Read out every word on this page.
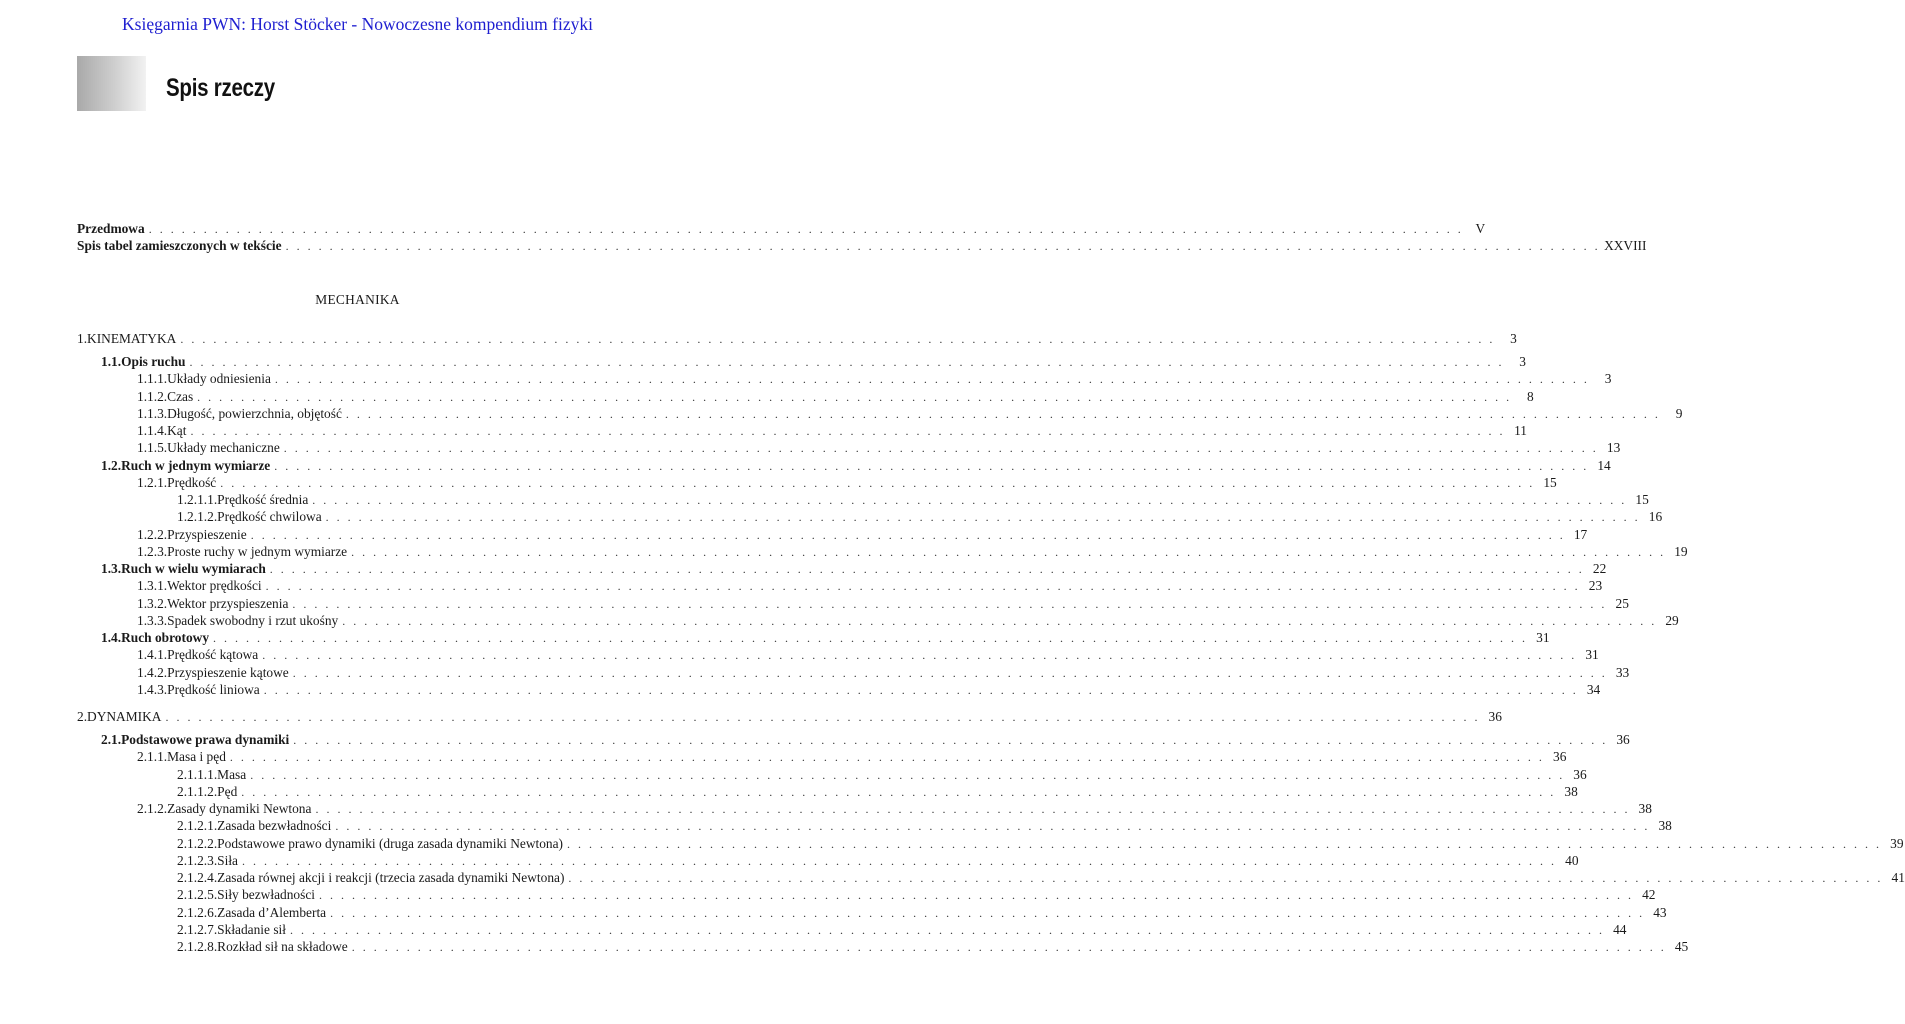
Księgarnia PWN: Horst Stöcker - Nowoczesne kompendium fizyki
Spis rzeczy
MECHANIKA
Przedmowa . . . . . . . . . . . . . . . . . . . . . . . . . . . . . . . . . . . . . . . . . . . . . . . . . . . . . . . . . . . . . . . . . . . . . . . . . . . . . . . . . . . . . . . . . . . . . . . . . . . . . . . . . . . . . . . . . . . . . . . . V
Spis tabel zamieszczonych w tekście . . . . . . . . . . . . . . . . . . . . . . . . . . . . . . . . . . . . . . . . . . . . . . . . . . . . . . . . . . . . . . . . . . . . . . . . . . . . . . . . . . . . . . . . . . . . . . . . . . . . . . . . . . . . . . . . . . . . . . . . XXVIII
1. KINEMATYKA . . . . . . . . . . . . . . . . . . . . . . . . . . . . . . . . . . . . . . . . . . . . . . . . . . . . . . . . . . . . . . . . . . . . . . . . . . . . . . . . . . . . . . . . . . . . . . . . . . . . . . . . . . . . . . . . . . . . . . . .	3
1.1. Opis ruchu . . . . . . . . . . . . . . . . . . . . . . . . . . . . . . . . . . . . . . . . . . . . . . . . . . . . . . . . . . . . . . . . . . . . . . . . . . . . . . . . . . . . . . . . . . . . . . . . . . . . . . . . . . . . . . . . . . . . . . . .	3
1.1.1. Układy odniesienia . . . . . . . . . . . . . . . . . . . . . . . . . . . . . . . . . . . . . . . . . . . . . . . . . . . . . . . . . . . . . . . . . . . . . . . . . . . . . . . . . . . . . . . . . . . . . . . . . . . . . . . . . . . . . . . . . . . . . . . .	3
1.1.2. Czas . . . . . . . . . . . . . . . . . . . . . . . . . . . . . . . . . . . . . . . . . . . . . . . . . . . . . . . . . . . . . . . . . . . . . . . . . . . . . . . . . . . . . . . . . . . . . . . . . . . . . . . . . . . . . . . . . . . . . . . .	8
1.1.3. Długość, powierzchnia, objętość . . . . . . . . . . . . . . . . . . . . . . . . . . . . . . . . . . . . . . . . . . . . . . . . . . . . . . . . . . . . . . . . . . . . . . . . . . . . . . . . . . . . . . . . . . . . . . . . . . . . . . . . . . . . . . . . . . . . . . . .	9
1.1.4. Kąt . . . . . . . . . . . . . . . . . . . . . . . . . . . . . . . . . . . . . . . . . . . . . . . . . . . . . . . . . . . . . . . . . . . . . . . . . . . . . . . . . . . . . . . . . . . . . . . . . . . . . . . . . . . . . . . . . . . . . . . . 11
1.1.5. Układy mechaniczne . . . . . . . . . . . . . . . . . . . . . . . . . . . . . . . . . . . . . . . . . . . . . . . . . . . . . . . . . . . . . . . . . . . . . . . . . . . . . . . . . . . . . . . . . . . . . . . . . . . . . . . . . . . . . . . . . . . . . . . . 13
1.2. Ruch w jednym wymiarze . . . . . . . . . . . . . . . . . . . . . . . . . . . . . . . . . . . . . . . . . . . . . . . . . . . . . . . . . . . . . . . . . . . . . . . . . . . . . . . . . . . . . . . . . . . . . . . . . . . . . . . . . . . . . . . . . . . . . . . . 14
1.2.1. Prędkość . . . . . . . . . . . . . . . . . . . . . . . . . . . . . . . . . . . . . . . . . . . . . . . . . . . . . . . . . . . . . . . . . . . . . . . . . . . . . . . . . . . . . . . . . . . . . . . . . . . . . . . . . . . . . . . . . . . . . . . . 15
1.2.1.1. Prędkość średnia . . . . . . . . . . . . . . . . . . . . . . . . . . . . . . . . . . . . . . . . . . . . . . . . . . . . . . . . . . . . . . . . . . . . . . . . . . . . . . . . . . . . . . . . . . . . . . . . . . . . . . . . . . . . . . . . . . . . . . . . 15
1.2.1.2. Prędkość chwilowa . . . . . . . . . . . . . . . . . . . . . . . . . . . . . . . . . . . . . . . . . . . . . . . . . . . . . . . . . . . . . . . . . . . . . . . . . . . . . . . . . . . . . . . . . . . . . . . . . . . . . . . . . . . . . . . . . . . . . . . . 16
1.2.2. Przyspieszenie . . . . . . . . . . . . . . . . . . . . . . . . . . . . . . . . . . . . . . . . . . . . . . . . . . . . . . . . . . . . . . . . . . . . . . . . . . . . . . . . . . . . . . . . . . . . . . . . . . . . . . . . . . . . . . . . . . . . . . . . 17
1.2.3. Proste ruchy w jednym wymiarze . . . . . . . . . . . . . . . . . . . . . . . . . . . . . . . . . . . . . . . . . . . . . . . . . . . . . . . . . . . . . . . . . . . . . . . . . . . . . . . . . . . . . . . . . . . . . . . . . . . . . . . . . . . . . . . . . . . . . . . . 19
1.3. Ruch w wielu wymiarach . . . . . . . . . . . . . . . . . . . . . . . . . . . . . . . . . . . . . . . . . . . . . . . . . . . . . . . . . . . . . . . . . . . . . . . . . . . . . . . . . . . . . . . . . . . . . . . . . . . . . . . . . . . . . . . . . . . . . . . . 22
1.3.1. Wektor prędkości . . . . . . . . . . . . . . . . . . . . . . . . . . . . . . . . . . . . . . . . . . . . . . . . . . . . . . . . . . . . . . . . . . . . . . . . . . . . . . . . . . . . . . . . . . . . . . . . . . . . . . . . . . . . . . . . . . . . . . . . 23
1.3.2. Wektor przyspieszenia . . . . . . . . . . . . . . . . . . . . . . . . . . . . . . . . . . . . . . . . . . . . . . . . . . . . . . . . . . . . . . . . . . . . . . . . . . . . . . . . . . . . . . . . . . . . . . . . . . . . . . . . . . . . . . . . . . . . . . . . 25
1.3.3. Spadek swobodny i rzut ukośny . . . . . . . . . . . . . . . . . . . . . . . . . . . . . . . . . . . . . . . . . . . . . . . . . . . . . . . . . . . . . . . . . . . . . . . . . . . . . . . . . . . . . . . . . . . . . . . . . . . . . . . . . . . . . . . . . . . . . . . . 29
1.4. Ruch obrotowy . . . . . . . . . . . . . . . . . . . . . . . . . . . . . . . . . . . . . . . . . . . . . . . . . . . . . . . . . . . . . . . . . . . . . . . . . . . . . . . . . . . . . . . . . . . . . . . . . . . . . . . . . . . . . . . . . . . . . . . . 31
1.4.1. Prędkość kątowa . . . . . . . . . . . . . . . . . . . . . . . . . . . . . . . . . . . . . . . . . . . . . . . . . . . . . . . . . . . . . . . . . . . . . . . . . . . . . . . . . . . . . . . . . . . . . . . . . . . . . . . . . . . . . . . . . . . . . . . . 31
1.4.2. Przyspieszenie kątowe . . . . . . . . . . . . . . . . . . . . . . . . . . . . . . . . . . . . . . . . . . . . . . . . . . . . . . . . . . . . . . . . . . . . . . . . . . . . . . . . . . . . . . . . . . . . . . . . . . . . . . . . . . . . . . . . . . . . . . . . 33
1.4.3. Prędkość liniowa . . . . . . . . . . . . . . . . . . . . . . . . . . . . . . . . . . . . . . . . . . . . . . . . . . . . . . . . . . . . . . . . . . . . . . . . . . . . . . . . . . . . . . . . . . . . . . . . . . . . . . . . . . . . . . . . . . . . . . . . 34
2. DYNAMIKA . . . . . . . . . . . . . . . . . . . . . . . . . . . . . . . . . . . . . . . . . . . . . . . . . . . . . . . . . . . . . . . . . . . . . . . . . . . . . . . . . . . . . . . . . . . . . . . . . . . . . . . . . . . . . . . . . . . . . . . . 36
2.1. Podstawowe prawa dynamiki . . . . . . . . . . . . . . . . . . . . . . . . . . . . . . . . . . . . . . . . . . . . . . . . . . . . . . . . . . . . . . . . . . . . . . . . . . . . . . . . . . . . . . . . . . . . . . . . . . . . . . . . . . . . . . . . . . . . . . . . 36
2.1.1. Masa i pęd . . . . . . . . . . . . . . . . . . . . . . . . . . . . . . . . . . . . . . . . . . . . . . . . . . . . . . . . . . . . . . . . . . . . . . . . . . . . . . . . . . . . . . . . . . . . . . . . . . . . . . . . . . . . . . . . . . . . . . . . 36
2.1.1.1. Masa . . . . . . . . . . . . . . . . . . . . . . . . . . . . . . . . . . . . . . . . . . . . . . . . . . . . . . . . . . . . . . . . . . . . . . . . . . . . . . . . . . . . . . . . . . . . . . . . . . . . . . . . . . . . . . . . . . . . . . . . 36
2.1.1.2. Pęd . . . . . . . . . . . . . . . . . . . . . . . . . . . . . . . . . . . . . . . . . . . . . . . . . . . . . . . . . . . . . . . . . . . . . . . . . . . . . . . . . . . . . . . . . . . . . . . . . . . . . . . . . . . . . . . . . . . . . . . . 38
2.1.2. Zasady dynamiki Newtona . . . . . . . . . . . . . . . . . . . . . . . . . . . . . . . . . . . . . . . . . . . . . . . . . . . . . . . . . . . . . . . . . . . . . . . . . . . . . . . . . . . . . . . . . . . . . . . . . . . . . . . . . . . . . . . . . . . . . . . . 38
2.1.2.1. Zasada bezwładności . . . . . . . . . . . . . . . . . . . . . . . . . . . . . . . . . . . . . . . . . . . . . . . . . . . . . . . . . . . . . . . . . . . . . . . . . . . . . . . . . . . . . . . . . . . . . . . . . . . . . . . . . . . . . . . . . . . . . . . . 38
2.1.2.2. Podstawowe prawo dynamiki (druga zasada dynamiki Newtona) . . . . . . . . . . . . . . . . . . . . . . . . . . . . . . . . . . . . . . . . . . . . . . . . . . . . . . . . . . . . . . . . . . . . . . . . . . . . . . . . . . . . . . . . . . . . . . . . . . . . . . . . . . . . . . . . . . . . . . . . 39
2.1.2.3. Siła . . . . . . . . . . . . . . . . . . . . . . . . . . . . . . . . . . . . . . . . . . . . . . . . . . . . . . . . . . . . . . . . . . . . . . . . . . . . . . . . . . . . . . . . . . . . . . . . . . . . . . . . . . . . . . . . . . . . . . . . 40
2.1.2.4. Zasada równej akcji i reakcji (trzecia zasada dynamiki Newtona) . . . . . . . . . . . . . . . . . . . . . . . . . . . . . . . . . . . . . . . . . . . . . . . . . . . . . . . . . . . . . . . . . . . . . . . . . . . . . . . . . . . . . . . . . . . . . . . . . . . . . . . . . . . . . . . . . . . . . . . . 41
2.1.2.5. Siły bezwładności . . . . . . . . . . . . . . . . . . . . . . . . . . . . . . . . . . . . . . . . . . . . . . . . . . . . . . . . . . . . . . . . . . . . . . . . . . . . . . . . . . . . . . . . . . . . . . . . . . . . . . . . . . . . . . . . . . . . . . . . 42
2.1.2.6. Zasada d’Alemberta . . . . . . . . . . . . . . . . . . . . . . . . . . . . . . . . . . . . . . . . . . . . . . . . . . . . . . . . . . . . . . . . . . . . . . . . . . . . . . . . . . . . . . . . . . . . . . . . . . . . . . . . . . . . . . . . . . . . . . . . 43
2.1.2.7. Składanie sił . . . . . . . . . . . . . . . . . . . . . . . . . . . . . . . . . . . . . . . . . . . . . . . . . . . . . . . . . . . . . . . . . . . . . . . . . . . . . . . . . . . . . . . . . . . . . . . . . . . . . . . . . . . . . . . . . . . . . . . . 44
2.1.2.8. Rozkład sił na składowe . . . . . . . . . . . . . . . . . . . . . . . . . . . . . . . . . . . . . . . . . . . . . . . . . . . . . . . . . . . . . . . . . . . . . . . . . . . . . . . . . . . . . . . . . . . . . . . . . . . . . . . . . . . . . . . . . . . . . . . . 45
